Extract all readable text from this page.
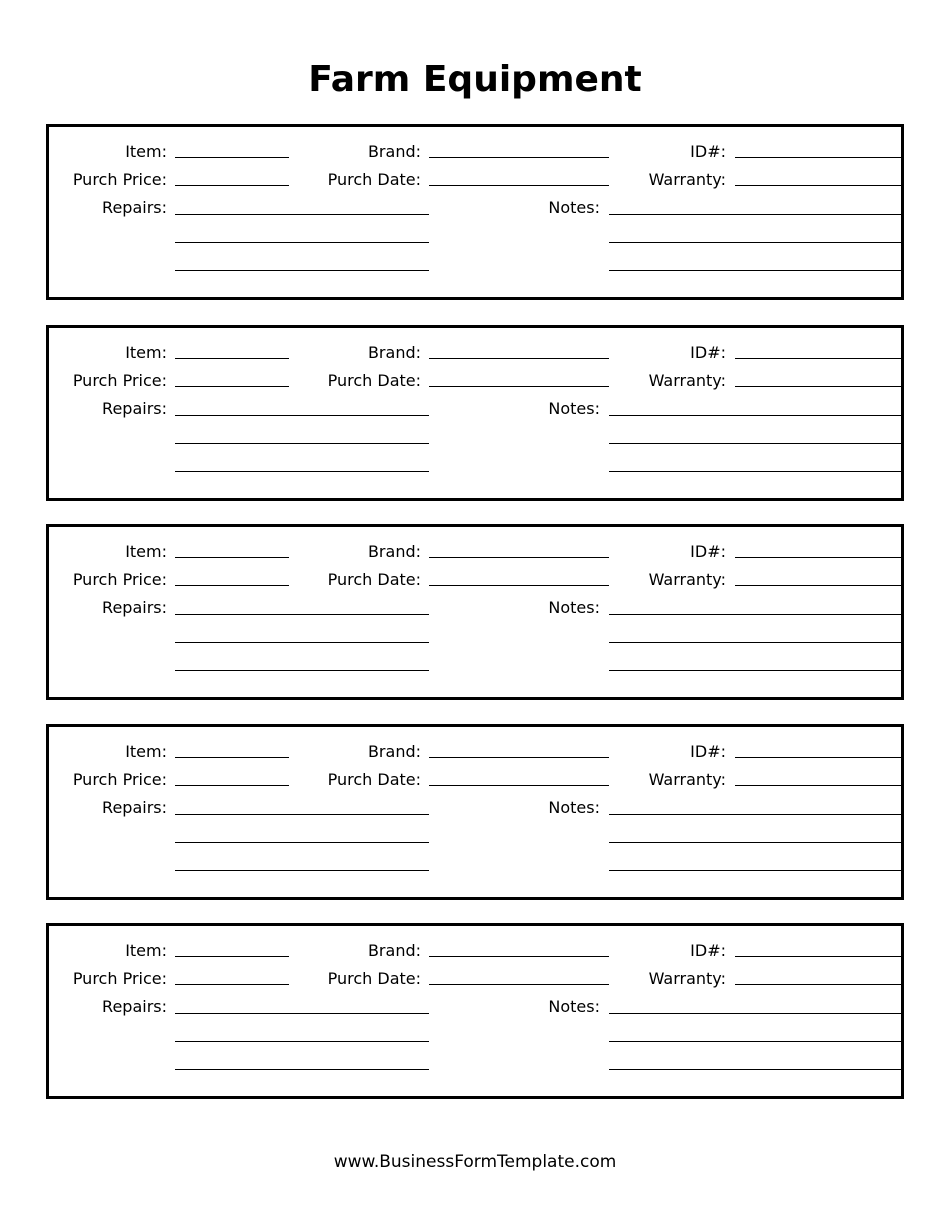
Farm Equipment
Item:	Brand:	ID#:
Purch Price:	Purch Date:	Warranty:
Repairs:	Notes:
Item:	Brand:	ID#:
Purch Price:	Purch Date:	Warranty:
Repairs:	Notes:
Item:	Brand:	ID#:
Purch Price:	Purch Date:	Warranty:
Repairs:	Notes:
Item:	Brand:	ID#:
Purch Price:	Purch Date:	Warranty:
Repairs:	Notes:
Item:	Brand:	ID#:
Purch Price:	Purch Date:	Warranty:
Repairs:	Notes:
www.BusinessFormTemplate.com
